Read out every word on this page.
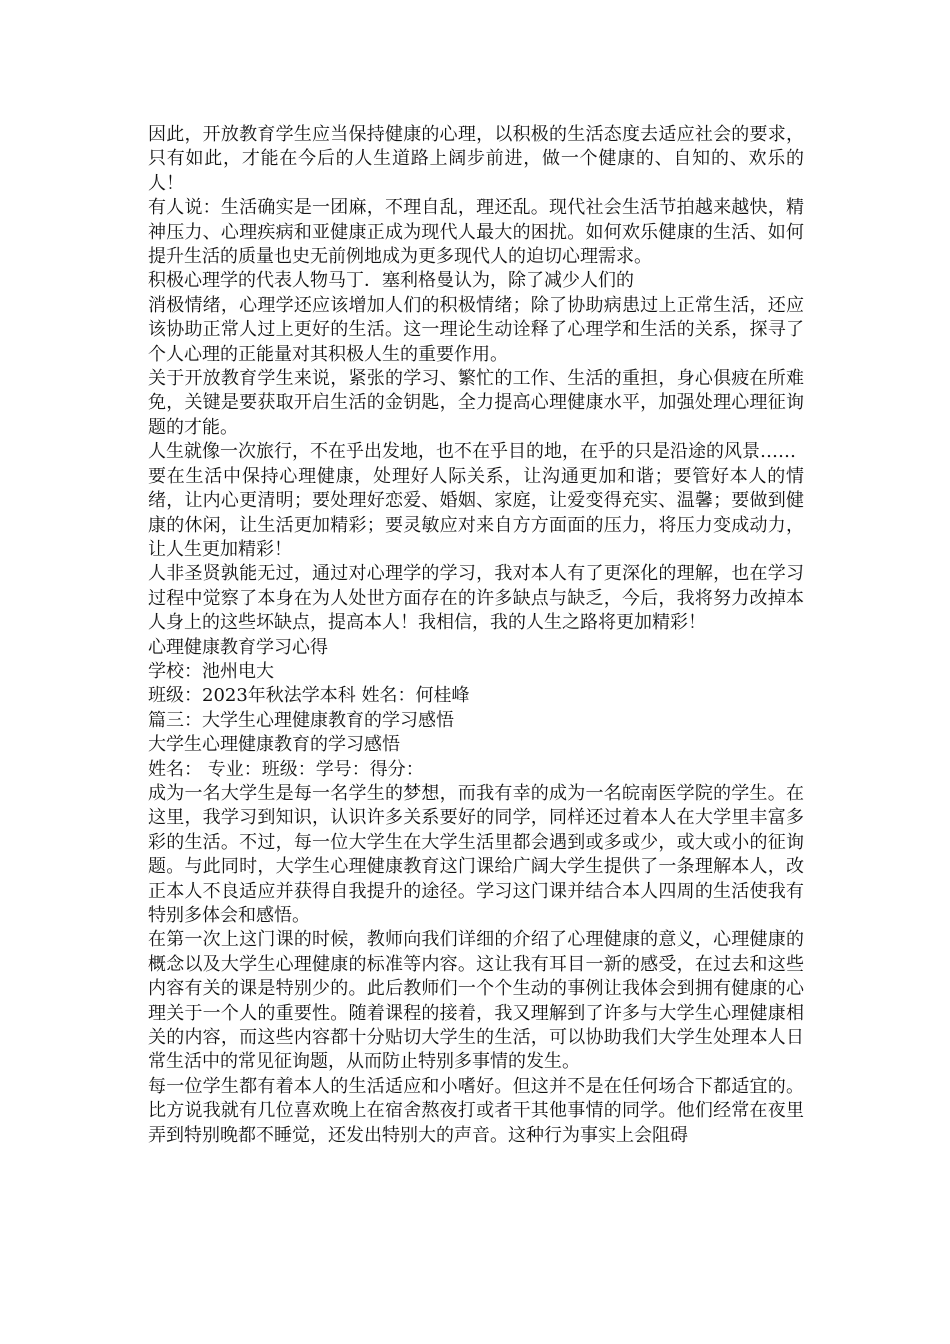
因此，开放教育学生应当保持健康的心理，以积极的生活态度去适应社会的要求，只有如此，才能在今后的人生道路上阔步前进，做一个健康的、自知的、欢乐的人！

有人说：生活确实是一团麻，不理自乱，理还乱。现代社会生活节拍越来越快，精神压力、心理疾病和亚健康正成为现代人最大的困扰。如何欢乐健康的生活、如何提升生活的质量也史无前例地成为更多现代人的迫切心理需求。

积极心理学的代表人物马丁．塞利格曼认为，除了减少人们的

消极情绪，心理学还应该增加人们的积极情绪；除了协助病患过上正常生活，还应该协助正常人过上更好的生活。这一理论生动诠释了心理学和生活的关系，探寻了个人心理的正能量对其积极人生的重要作用。

关于开放教育学生来说，紧张的学习、繁忙的工作、生活的重担，身心俱疲在所难免，关键是要获取开启生活的金钥匙，全力提高心理健康水平，加强处理心理征询题的才能。

人生就像一次旅行，不在乎出发地，也不在乎目的地，在乎的只是沿途的风景……

要在生活中保持心理健康，处理好人际关系，让沟通更加和谐；要管好本人的情绪，让内心更清明；要处理好恋爱、婚姻、家庭，让爱变得充实、温馨；要做到健康的休闲，让生活更加精彩；要灵敏应对来自方方面面的压力，将压力变成动力，让人生更加精彩！

人非圣贤孰能无过，通过对心理学的学习，我对本人有了更深化的理解，也在学习过程中觉察了本身在为人处世方面存在的许多缺点与缺乏，今后，我将努力改掉本人身上的这些坏缺点，提高本人！我相信，我的人生之路将更加精彩！

心理健康教育学习心得

学校：池州电大

班级：2023年秋法学本科 姓名：何桂峰

篇三：大学生心理健康教育的学习感悟

大学生心理健康教育的学习感悟

姓名： 专业：班级：学号：得分：

成为一名大学生是每一名学生的梦想，而我有幸的成为一名皖南医学院的学生。在这里，我学习到知识，认识许多关系要好的同学，同样还过着本人在大学里丰富多彩的生活。不过，每一位大学生在大学生活里都会遇到或多或少，或大或小的征询题。与此同时，大学生心理健康教育这门课给广阔大学生提供了一条理解本人，改正本人不良适应并获得自我提升的途径。学习这门课并结合本人四周的生活使我有特别多体会和感悟。

在第一次上这门课的时候，教师向我们详细的介绍了心理健康的意义，心理健康的概念以及大学生心理健康的标准等内容。这让我有耳目一新的感受，在过去和这些内容有关的课是特别少的。此后教师们一个个生动的事例让我体会到拥有健康的心理关于一个人的重要性。随着课程的接着，我又理解到了许多与大学生心理健康相关的内容，而这些内容都十分贴切大学生的生活，可以协助我们大学生处理本人日常生活中的常见征询题，从而防止特别多事情的发生。

每一位学生都有着本人的生活适应和小嗜好。但这并不是在任何场合下都适宜的。比方说我就有几位喜欢晚上在宿舍熬夜打或者干其他事情的同学。他们经常在夜里弄到特别晚都不睡觉，还发出特别大的声音。这种行为事实上会阻碍
